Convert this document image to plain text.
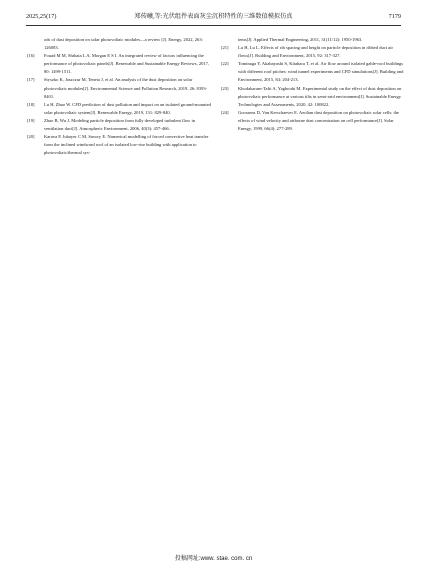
2025,25(17)	郑传曦,等:光伏组件表面灰尘沉积特性的三维数值模拟仿真	7179
ods of dust deposition on solar photovoltaic modules—a review [J]. Energy, 2022, 263: 126083.
[16] Fouad M M, Shihata L A, Morgan E S I. An integrated review of factors influencing the performance of photovoltaic panels[J]. Renewable and Sustainable Energy Reviews, 2017, 80: 1499-1511.
[17] Styszko K, Jaszczur M, Teneta J, et al. An analysis of the dust deposition on solar photovoltaic modules[J]. Environmental Science and Pollution Research, 2019, 26: 8393-8401.
[18] Lu H, Zhao W. CFD prediction of dust pollution and impact on an isolated ground-mounted solar photovoltaic system[J]. Renewable Energy, 2019, 131: 829-840.
[19] Zhao B, Wu J. Modeling particle deposition from fully developed turbulent flow in ventilation duct[J]. Atmospheric Environment, 2006, 40(3): 457-466.
[20] Karava P, Jubayer C M, Savory E. Numerical modelling of forced convective heat transfer from the inclined windward roof of an isolated low-rise building with application to photovoltaic/thermal sys-
tems[J]. Applied Thermal Engineering, 2011, 31(11/12): 1950-1963.
[21] Lu H, Lu L. Effects of rib spacing and height on particle deposition in ribbed duct air flows[J]. Building and Environment, 2015, 92: 317-327.
[22] Tominaga Y, Akabayashi S, Kitahara T, et al. Air flow around isolated gable-roof buildings with different roof pitches: wind tunnel experiments and CFD simulations[J]. Building and Environment, 2015, 84: 204-213.
[23] Khodakaram-Tafti A, Yaghoubi M. Experimental study on the effect of dust deposition on photovoltaic performance at various tilts in semi-arid environment[J]. Sustainable Energy Technologies and Assessments, 2020, 42: 100822.
[24] Goossens D, Van Kerschaever E. Aeolian dust deposition on photovoltaic solar cells: the effects of wind velocity and airborne dust concentration on cell performance[J]. Solar Energy, 1999, 66(4): 277-289.
投稿网址:www. stae. com. cn
